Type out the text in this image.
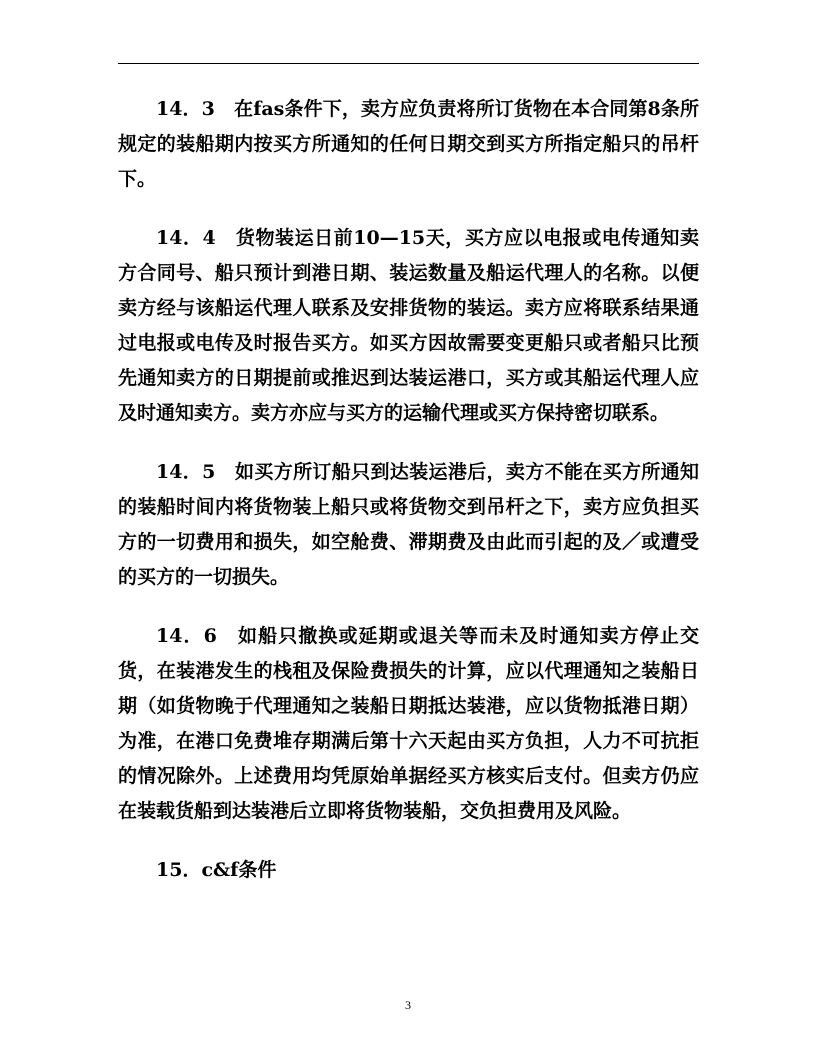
14．3　在fas条件下，卖方应负责将所订货物在本合同第8条所规定的装船期内按买方所通知的任何日期交到买方所指定船只的吊杆下。

14．4　货物装运日前10—15天，买方应以电报或电传通知卖方合同号、船只预计到港日期、装运数量及船运代理人的名称。以便卖方经与该船运代理人联系及安排货物的装运。卖方应将联系结果通过电报或电传及时报告买方。如买方因故需要变更船只或者船只比预先通知卖方的日期提前或推迟到达装运港口，买方或其船运代理人应及时通知卖方。卖方亦应与买方的运输代理或买方保持密切联系。

14．5　如买方所订船只到达装运港后，卖方不能在买方所通知的装船时间内将货物装上船只或将货物交到吊杆之下，卖方应负担买方的一切费用和损失，如空舱费、滞期费及由此而引起的及／或遭受的买方的一切损失。

14．6　如船只撤换或延期或退关等而未及时通知卖方停止交货，在装港发生的栈租及保险费损失的计算，应以代理通知之装船日期（如货物晚于代理通知之装船日期抵达装港，应以货物抵港日期）为准，在港口免费堆存期满后第十六天起由买方负担，人力不可抗拒的情况除外。上述费用均凭原始单据经买方核实后支付。但卖方仍应在装载货船到达装港后立即将货物装船，交负担费用及风险。

15．c&f条件

3
